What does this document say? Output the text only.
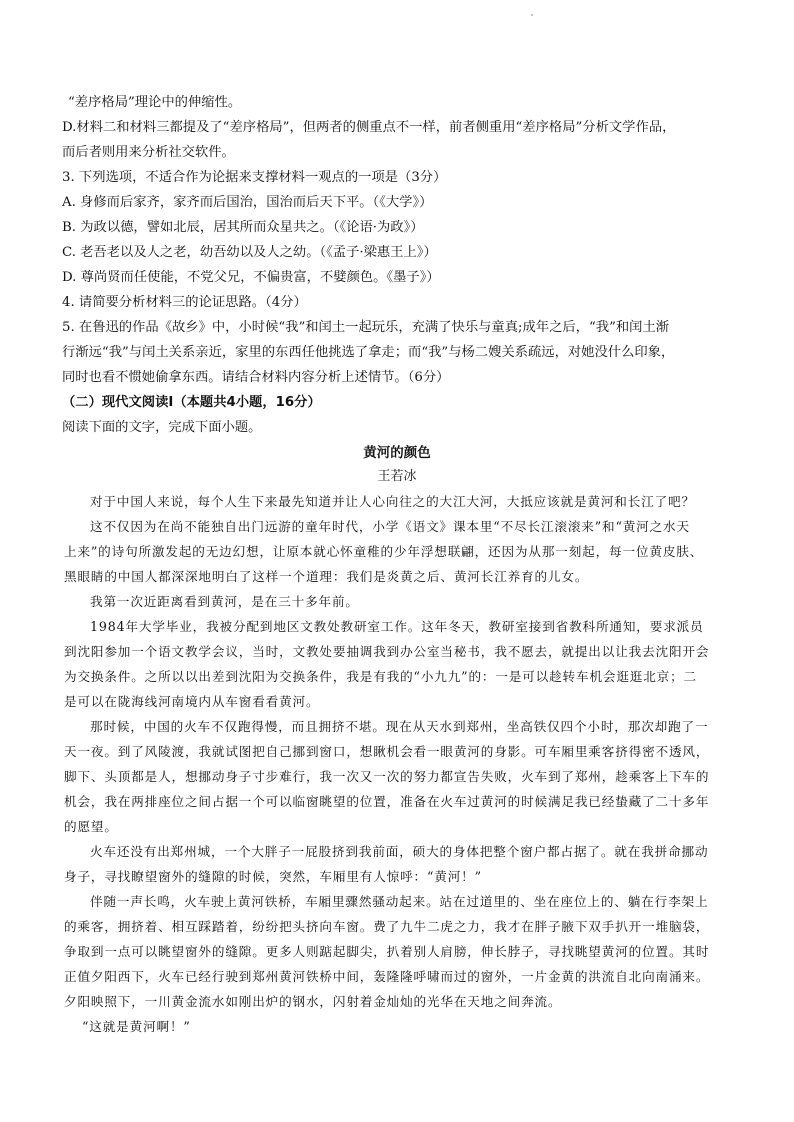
“差序格局”理论中的伸缩性。
D.材料二和材料三都提及了“差序格局”，但两者的侧重点不一样，前者侧重用“差序格局”分析文学作品，
而后者则用来分析社交软件。
3. 下列选项，不适合作为论据来支撑材料一观点的一项是（3分）
A. 身修而后家齐，家齐而后国治，国治而后天下平。（《大学》）
B. 为政以德，譬如北辰，居其所而众星共之。（《论语·为政》）
C. 老吾老以及人之老，幼吾幼以及人之幼。（《孟子·梁惠王上》）
D. 尊尚贤而任使能，不党父兄，不偏贵富，不嬖颜色。《墨子》）
4. 请简要分析材料三的论证思路。（4分）
5. 在鲁迅的作品《故乡》中，小时候“我”和闰土一起玩乐，充满了快乐与童真;成年之后，“我”和闰土渐
行渐远“我”与闰土关系亲近，家里的东西任他挑选了拿走；而“我”与杨二嫂关系疏远，对她没什么印象，
同时也看不惯她偷拿东西。请结合材料内容分析上述情节。（6分）
（二）现代文阅读Ⅰ（本题共4小题，16分）
阅读下面的文字，完成下面小题。
黄河的颜色
王若冰
对于中国人来说，每个人生下来最先知道并让人心向往之的大江大河，大抵应该就是黄河和长江了吧？
这不仅因为在尚不能独自出门远游的童年时代，小学《语文》课本里“不尽长江滚滚来”和“黄河之水天
上来”的诗句所激发起的无边幻想，让原本就心怀童稚的少年浮想联翩，还因为从那一刻起，每一位黄皮肤、
黑眼睛的中国人都深深地明白了这样一个道理：我们是炎黄之后、黄河长江养育的儿女。
我第一次近距离看到黄河，是在三十多年前。
1984年大学毕业，我被分配到地区文教处教研室工作。这年冬天，教研室接到省教科所通知，要求派员
到沈阳参加一个语文教学会议，当时，文教处要抽调我到办公室当秘书，我不愿去，就提出以让我去沈阳开会
为交换条件。之所以以出差到沈阳为交换条件，我是有我的“小九九”的：一是可以趁转车机会逛逛北京；二
是可以在陇海线河南境内从车窗看看黄河。
那时候，中国的火车不仅跑得慢，而且拥挤不堪。现在从天水到郑州，坐高铁仅四个小时，那次却跑了一
天一夜。到了风陵渡，我就试图把自己挪到窗口，想瞅机会看一眼黄河的身影。可车厢里乘客挤得密不透风，
脚下、头顶都是人，想挪动身子寸步难行，我一次又一次的努力都宣告失败，火车到了郑州，趁乘客上下车的
机会，我在两排座位之间占据一个可以临窗眺望的位置，准备在火车过黄河的时候满足我已经蛰藏了二十多年
的愿望。
火车还没有出郑州城，一个大胖子一屁股挤到我前面，硕大的身体把整个窗户都占据了。就在我拼命挪动
身子，寻找瞭望窗外的缝隙的时候，突然，车厢里有人惊呼：“黄河！”
伴随一声长鸣，火车驶上黄河铁桥，车厢里骤然骚动起来。站在过道里的、坐在座位上的、躺在行李架上
的乘客，拥挤着、相互踩踏着，纷纷把头挤向车窗。费了九牛二虎之力，我才在胖子腋下双手扒开一堆脑袋，
争取到一点可以眺望窗外的缝隙。更多人则踮起脚尖，扒着别人肩膀，伸长脖子，寻找眺望黄河的位置。其时
正值夕阳西下，火车已经行驶到郑州黄河铁桥中间，轰隆隆呼啸而过的窗外，一片金黄的洪流自北向南涌来。
夕阳映照下，一川黄金流水如刚出炉的钢水，闪射着金灿灿的光华在天地之间奔流。
“这就是黄河啊！”
